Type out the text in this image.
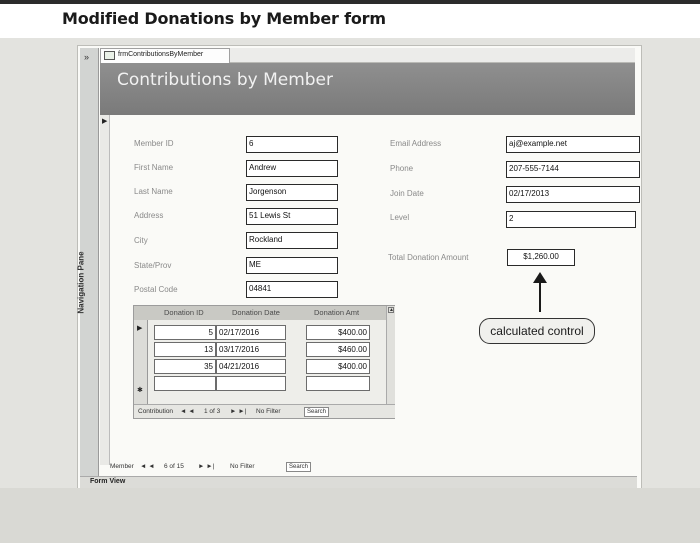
Modified Donations by Member form
»
Navigation Pane
frmContributionsByMember
Contributions by Member
▶
Member ID	6
First Name	Andrew
Last Name	Jorgenson
Address	51 Lewis St
City	Rockland
State/Prov	ME
Postal Code	04841
Email Address	aj@example.net
Phone	207-555-7144
Join Date	02/17/2013
Level	2
Total Donation Amount	$1,260.00
calculated control
Donation ID	Donation Date	Donation Amt
▶
✱
5 02/17/2016	$400.00
13 03/17/2016	$460.00
35 04/21/2016	$400.00
▲
Contribution ◄ ◄ 1 of 3 ► ►| No Filter	Search
Member ◄ ◄ 6 of 15 ► ►| No Filter	Search
Form View
